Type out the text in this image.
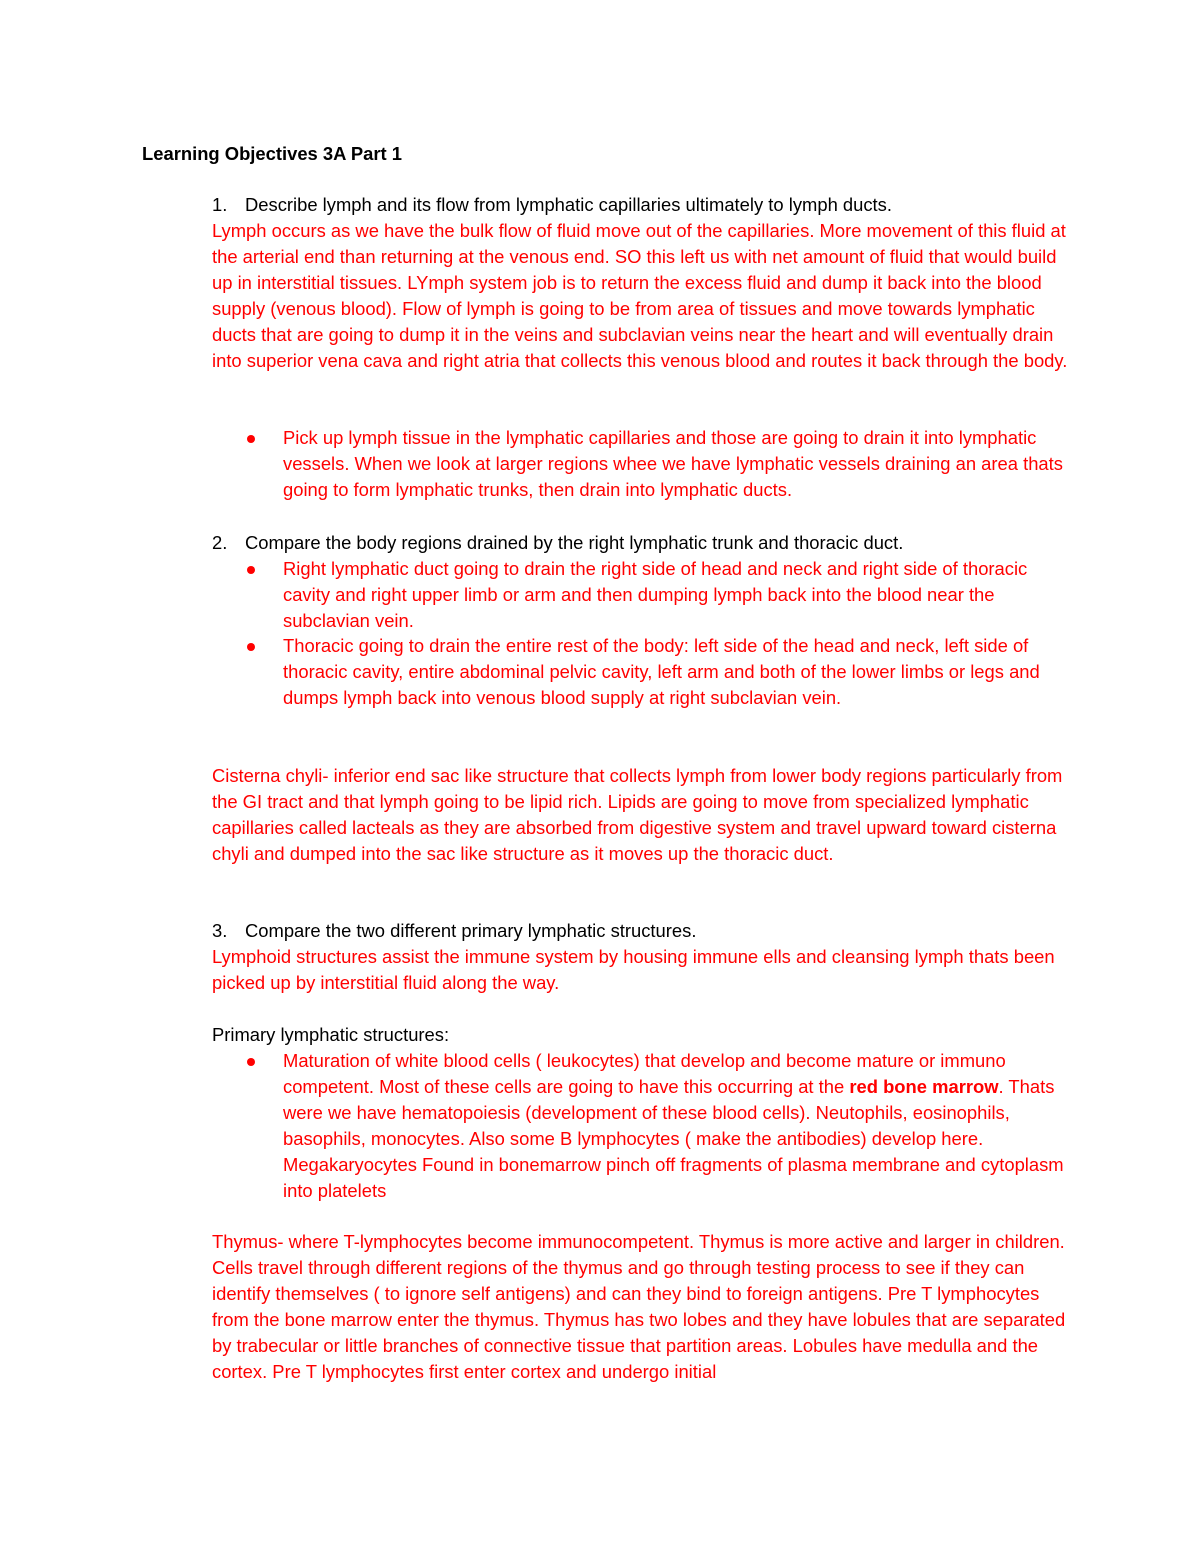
Learning Objectives 3A Part 1
1. Describe lymph and its flow from lymphatic capillaries ultimately to lymph ducts.
Lymph occurs as we have the bulk flow of fluid move out of the capillaries. More movement of this fluid at the arterial end than returning at the venous end. SO this left us with net amount of fluid that would build up in interstitial tissues. LYmph system job is to return the excess fluid and dump it back into the blood supply (venous blood). Flow of lymph is going to be from area of tissues and move towards lymphatic ducts that are going to dump it in the veins and subclavian veins near the heart and will eventually drain into superior vena cava and right atria that collects this venous blood and routes it back through the body.
Pick up lymph tissue in the lymphatic capillaries and those are going to drain it into lymphatic vessels. When we look at larger regions whee we have lymphatic vessels draining an area thats going to form lymphatic trunks, then drain into lymphatic ducts.
2. Compare the body regions drained by the right lymphatic trunk and thoracic duct.
Right lymphatic duct going to drain the right side of head and neck and right side of thoracic cavity and right upper limb or arm and then dumping lymph back into the blood near the subclavian vein.
Thoracic going to drain the entire rest of the body: left side of the head and neck, left side of thoracic cavity, entire abdominal pelvic cavity, left arm and both of the lower limbs or legs and dumps lymph back into venous blood supply at right subclavian vein.
Cisterna chyli- inferior end sac like structure that collects lymph from lower body regions particularly from the GI tract and that lymph going to be lipid rich. Lipids are going to move from specialized lymphatic capillaries called lacteals as they are absorbed from digestive system and travel upward toward cisterna chyli and dumped into the sac like structure as it moves up the thoracic duct.
3. Compare the two different primary lymphatic structures.
Lymphoid structures assist the immune system by housing immune ells and cleansing lymph thats been picked up by interstitial fluid along the way.
Primary lymphatic structures:
Maturation of white blood cells ( leukocytes) that develop and become mature or immuno competent. Most of these cells are going to have this occurring at the red bone marrow. Thats were we have hematopoiesis (development of these blood cells). Neutophils, eosinophils, basophils, monocytes. Also some B lymphocytes ( make the antibodies) develop here. Megakaryocytes Found in bonemarrow pinch off fragments of plasma membrane and cytoplasm into platelets
Thymus- where T-lymphocytes become immunocompetent. Thymus is more active and larger in children. Cells travel through different regions of the thymus and go through testing process to see if they can identify themselves ( to ignore self antigens) and can they bind to foreign antigens. Pre T lymphocytes from the bone marrow enter the thymus. Thymus has two lobes and they have lobules that are separated by trabecular or little branches of connective tissue that partition areas. Lobules have medulla and the cortex. Pre T lymphocytes first enter cortex and undergo initial
